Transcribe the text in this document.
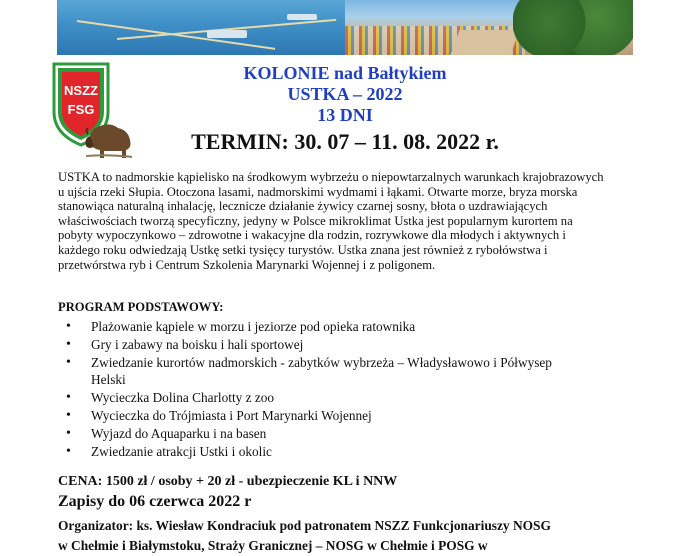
NSZZ
FSG
KOLONIE nad Bałtykiem
USTKA – 2022
13 DNI
TERMIN: 30. 07 – 11. 08. 2022 r.
USTKA to nadmorskie kąpielisko na środkowym wybrzeżu o niepowtarzalnych warunkach krajobrazowych
u ujścia rzeki Słupia. Otoczona lasami, nadmorskimi wydmami i łąkami. Otwarte morze, bryza morska
stanowiąca naturalną inhalację, lecznicze działanie żywicy czarnej sosny, błota o uzdrawiających
właściwościach tworzą specyficzny, jedyny w Polsce mikroklimat Ustka jest popularnym kurortem na
pobyty wypoczynkowo – zdrowotne i wakacyjne dla rodzin, rozrywkowe dla młodych i aktywnych i
każdego roku odwiedzają Ustkę setki tysięcy turystów. Ustka znana jest również z rybołówstwa i
przetwórstwa ryb i Centrum Szkolenia Marynarki Wojennej i z poligonem.
PROGRAM PODSTAWOWY:
• Plażowanie kąpiele w morzu i jeziorze pod opieka ratownika
• Gry i zabawy na boisku i hali sportowej
• Zwiedzanie kurortów nadmorskich - zabytków wybrzeża – Władysławowo i Półwysep
Helski
• Wycieczka Dolina Charlotty z zoo
• Wycieczka do Trójmiasta i Port Marynarki Wojennej
• Wyjazd do Aquaparku i na basen
• Zwiedzanie atrakcji Ustki i okolic
CENA: 1500 zł / osoby + 20 zł - ubezpieczenie KL i NNW
Zapisy do 06 czerwca 2022 r
Organizator: ks. Wiesław Kondraciuk pod patronatem NSZZ Funkcjonariuszy NOSG
w Chełmie i Białymstoku, Straży Granicznej – NOSG w Chełmie i POSG w
